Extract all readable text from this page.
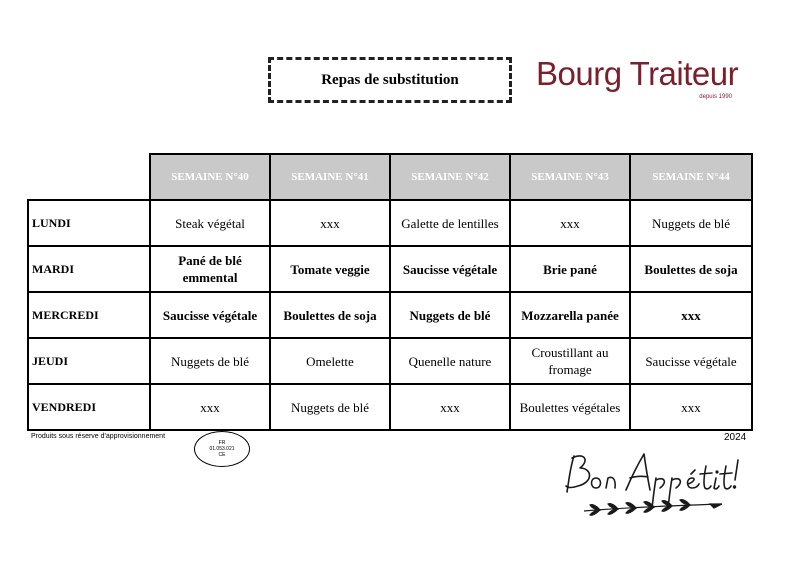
Repas de substitution	Bourg Traiteur
depuis 1990
	SEMAINE N°40	SEMAINE N°41	SEMAINE N°42	SEMAINE N°43	SEMAINE N°44
LUNDI	Steak végétal	xxx	Galette de lentilles	xxx	Nuggets de blé
MARDI	Pané de blé emmental	Tomate veggie	Saucisse végétale	Brie pané	Boulettes de soja
MERCREDI	Saucisse végétale	Boulettes de soja	Nuggets de blé	Mozzarella panée	xxx
JEUDI	Nuggets de blé	Omelette	Quenelle nature	Croustillant au fromage	Saucisse végétale
VENDREDI	xxx	Nuggets de blé	xxx	Boulettes végétales	xxx
Produits sous réserve d'approvisionnement
FR
01.053.021
CE
2024
